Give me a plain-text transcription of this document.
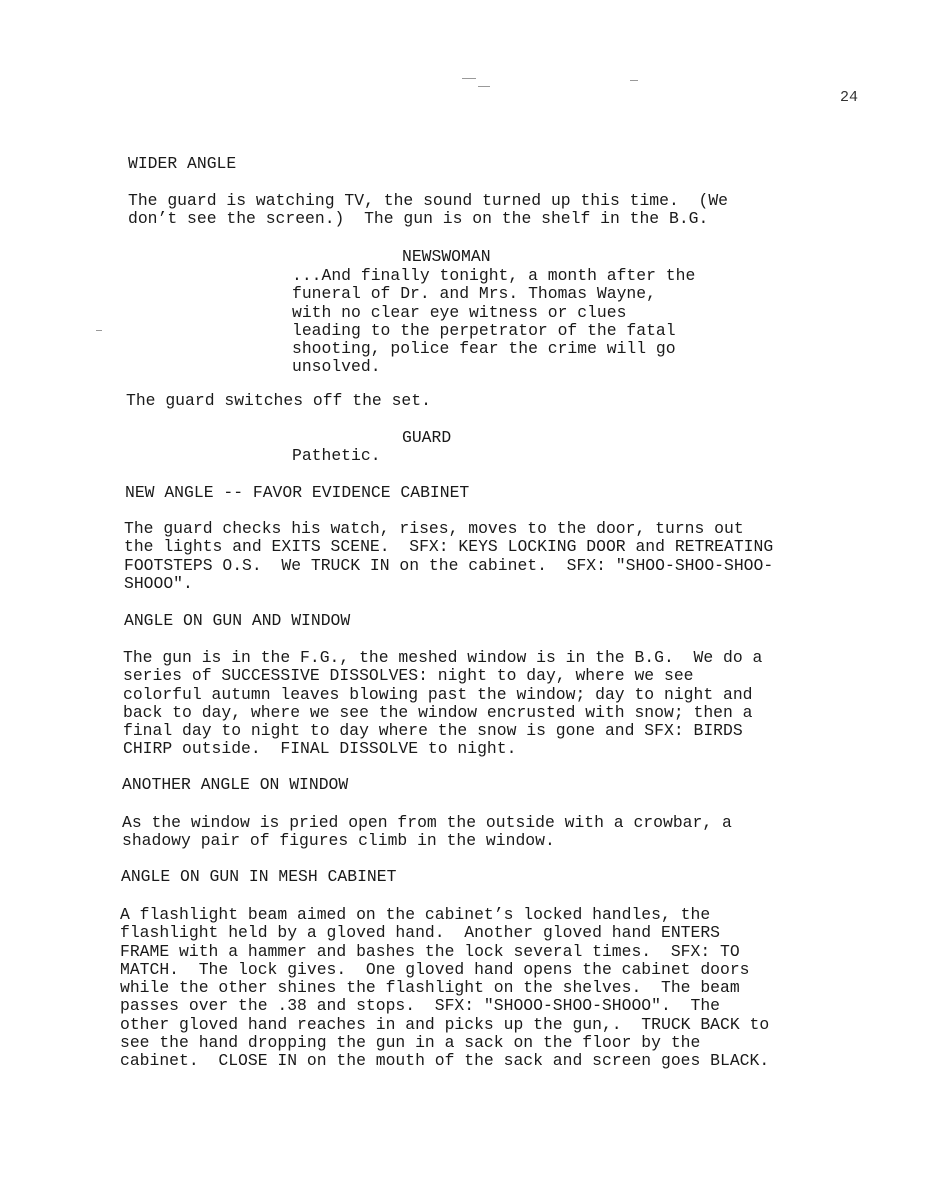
24
WIDER ANGLE
The guard is watching TV, the sound turned up this time.  (We
don’t see the screen.)  The gun is on the shelf in the B.G.
NEWSWOMAN
...And finally tonight, a month after the
funeral of Dr. and Mrs. Thomas Wayne,
with no clear eye witness or clues
leading to the perpetrator of the fatal
shooting, police fear the crime will go
unsolved.
The guard switches off the set.
GUARD
Pathetic.
NEW ANGLE -- FAVOR EVIDENCE CABINET
The guard checks his watch, rises, moves to the door, turns out
the lights and EXITS SCENE.  SFX: KEYS LOCKING DOOR and RETREATING
FOOTSTEPS O.S.  We TRUCK IN on the cabinet.  SFX: "SHOO-SHOO-SHOO-
SHOOO".
ANGLE ON GUN AND WINDOW
The gun is in the F.G., the meshed window is in the B.G.  We do a
series of SUCCESSIVE DISSOLVES: night to day, where we see
colorful autumn leaves blowing past the window; day to night and
back to day, where we see the window encrusted with snow; then a
final day to night to day where the snow is gone and SFX: BIRDS
CHIRP outside.  FINAL DISSOLVE to night.
ANOTHER ANGLE ON WINDOW
As the window is pried open from the outside with a crowbar, a
shadowy pair of figures climb in the window.
ANGLE ON GUN IN MESH CABINET
A flashlight beam aimed on the cabinet’s locked handles, the
flashlight held by a gloved hand.  Another gloved hand ENTERS
FRAME with a hammer and bashes the lock several times.  SFX: TO
MATCH.  The lock gives.  One gloved hand opens the cabinet doors
while the other shines the flashlight on the shelves.  The beam
passes over the .38 and stops.  SFX: "SHOOO-SHOO-SHOOO".  The
other gloved hand reaches in and picks up the gun,.  TRUCK BACK to
see the hand dropping the gun in a sack on the floor by the
cabinet.  CLOSE IN on the mouth of the sack and screen goes BLACK.
